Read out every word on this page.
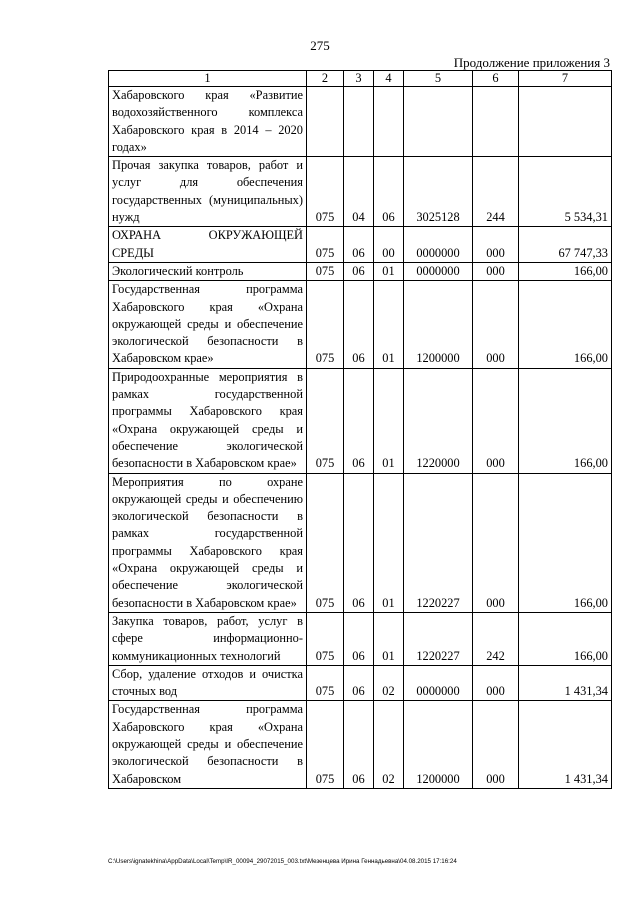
275
Продолжение приложения 3
1	2	3	4	5	6	7
Хабаровского края «Развитие водохозяйственного комплекса Хабаровского края в 2014 – 2020 годах»						
Прочая закупка товаров, работ и услуг для обеспечения государственных (муниципальных) нужд	075	04	06	3025128	244	5 534,31
ОХРАНА ОКРУЖАЮЩЕЙ СРЕДЫ	075	06	00	0000000	000	67 747,33
Экологический контроль	075	06	01	0000000	000	166,00
Государственная программа Хабаровского края «Охрана окружающей среды и обеспечение экологической безопасности в Хабаровском крае»	075	06	01	1200000	000	166,00
Природоохранные мероприятия в рамках государственной программы Хабаровского края «Охрана окружающей среды и обеспечение экологической безопасности в Хабаровском крае»	075	06	01	1220000	000	166,00
Мероприятия по охране окружающей среды и обеспечению экологической безопасности в рамках государственной программы Хабаровского края «Охрана окружающей среды и обеспечение экологической безопасности в Хабаровском крае»	075	06	01	1220227	000	166,00
Закупка товаров, работ, услуг в сфере информационно-коммуникационных технологий	075	06	01	1220227	242	166,00
Сбор, удаление отходов и очистка сточных вод	075	06	02	0000000	000	1 431,34
Государственная программа Хабаровского края «Охрана окружающей среды и обеспечение экологической безопасности в Хабаровском	075	06	02	1200000	000	1 431,34
C:\Users\ignatekhina\AppData\Local\Temp\IR_00094_29072015_003.txt\Мезенцева Ирина Геннадьевна\04.08.2015 17:16:24
